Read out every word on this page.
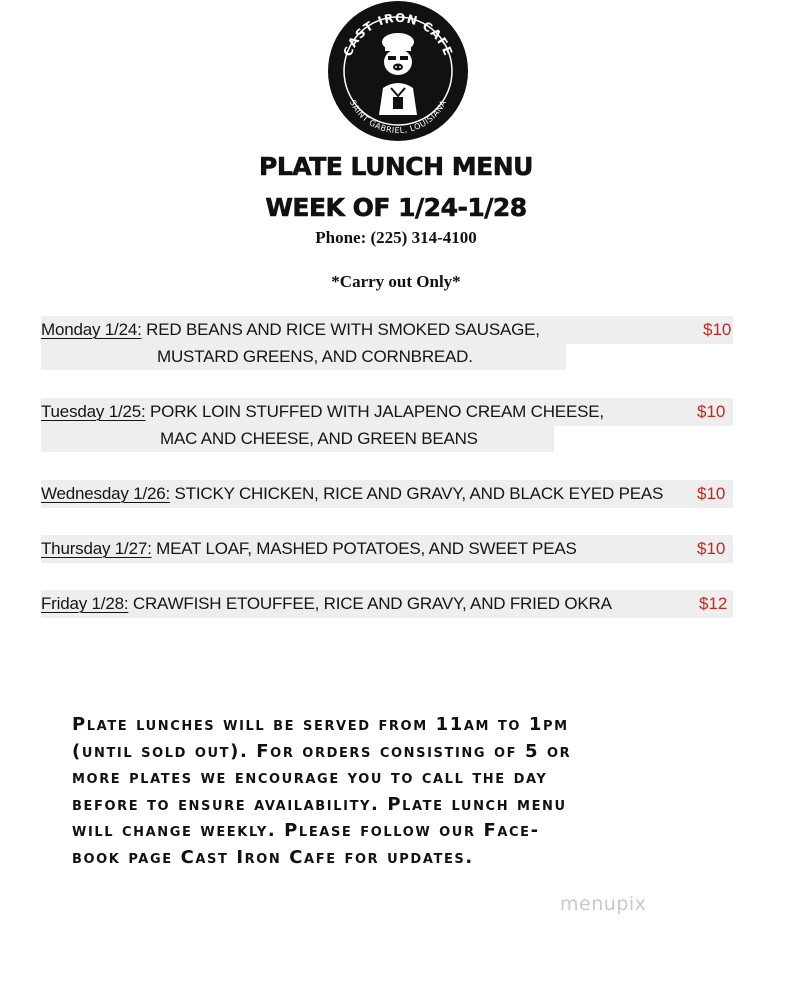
CAST IRON CAFE
SAINT GABRIEL, LOUISIANA
PLATE LUNCH MENU
WEEK OF 1/24-1/28
Phone: (225) 314-4100
*Carry out Only*
Monday 1/24: RED BEANS AND RICE WITH SMOKED SAUSAGE,
MUSTARD GREENS, AND CORNBREAD.
$10
Tuesday 1/25: PORK LOIN STUFFED WITH JALAPENO CREAM CHEESE,
MAC AND CHEESE, AND GREEN BEANS
$10
Wednesday 1/26: STICKY CHICKEN, RICE AND GRAVY, AND BLACK EYED PEAS $10
Thursday 1/27: MEAT LOAF, MASHED POTATOES, AND SWEET PEAS	$10
Friday 1/28: CRAWFISH ETOUFFEE, RICE AND GRAVY, AND FRIED OKRA	$12
Plate lunches will be served from 11am to 1pm
(until sold out). For orders consisting of 5 or
more plates we encourage you to call the day
before to ensure availability. Plate lunch menu
will change weekly. Please follow our Face-
book page Cast Iron Cafe for updates.
menupix
